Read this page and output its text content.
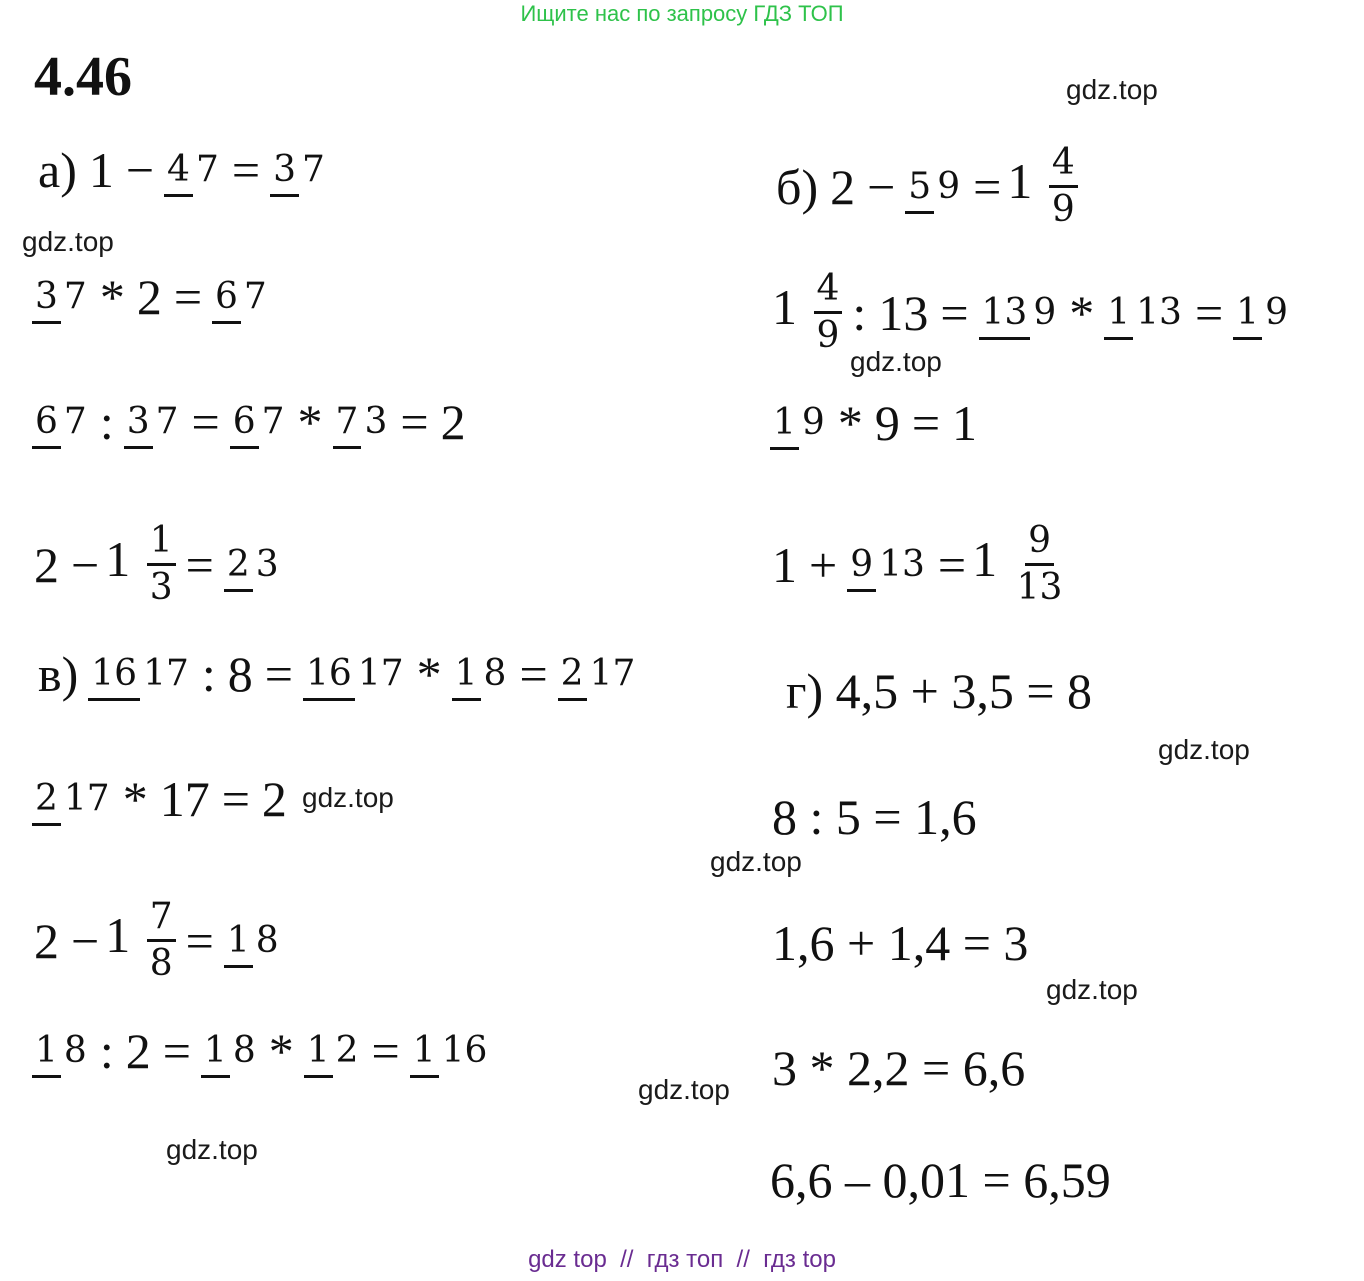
Ищите нас по запросу ГДЗ ТОП
4.46	gdz.top
gdz.top
gdz.top
gdz.top
gdz.top
gdz.top
gdz.top
gdz.top
gdz.top
а) 1 − 4 7 = 3 7
3 7 * 2 = 6 7
6 7 : 3 7 = 6 7 * 7 3 = 2
$2 - 1 \frac{1}{3} = 2$ 3
в) 16 17 : 8 = 16 17 * 1 8 = 2 17
2 17 * 17 = 2
$2 - 1 \frac{7}{8} = 1$ 8
1 8 : 2 = 1 8 * 1 2 = 1 16
б) 2 − 5 $9 = 1 \frac{4}{9}$
$1 \frac{4}{9}$ : 13 = 13 9 * 1 13 = 1 9
1 9 * 9 = 1
1 + 9 $13 = 1 \frac{9}{13}$
г) 4,5 + 3,5 = 8
8 : 5 = 1,6
1,6 + 1,4 = 3
3 * 2,2 = 6,6
6,6 – 0,01 = 6,59
gdz top  //  гдз топ  //  гдз top
